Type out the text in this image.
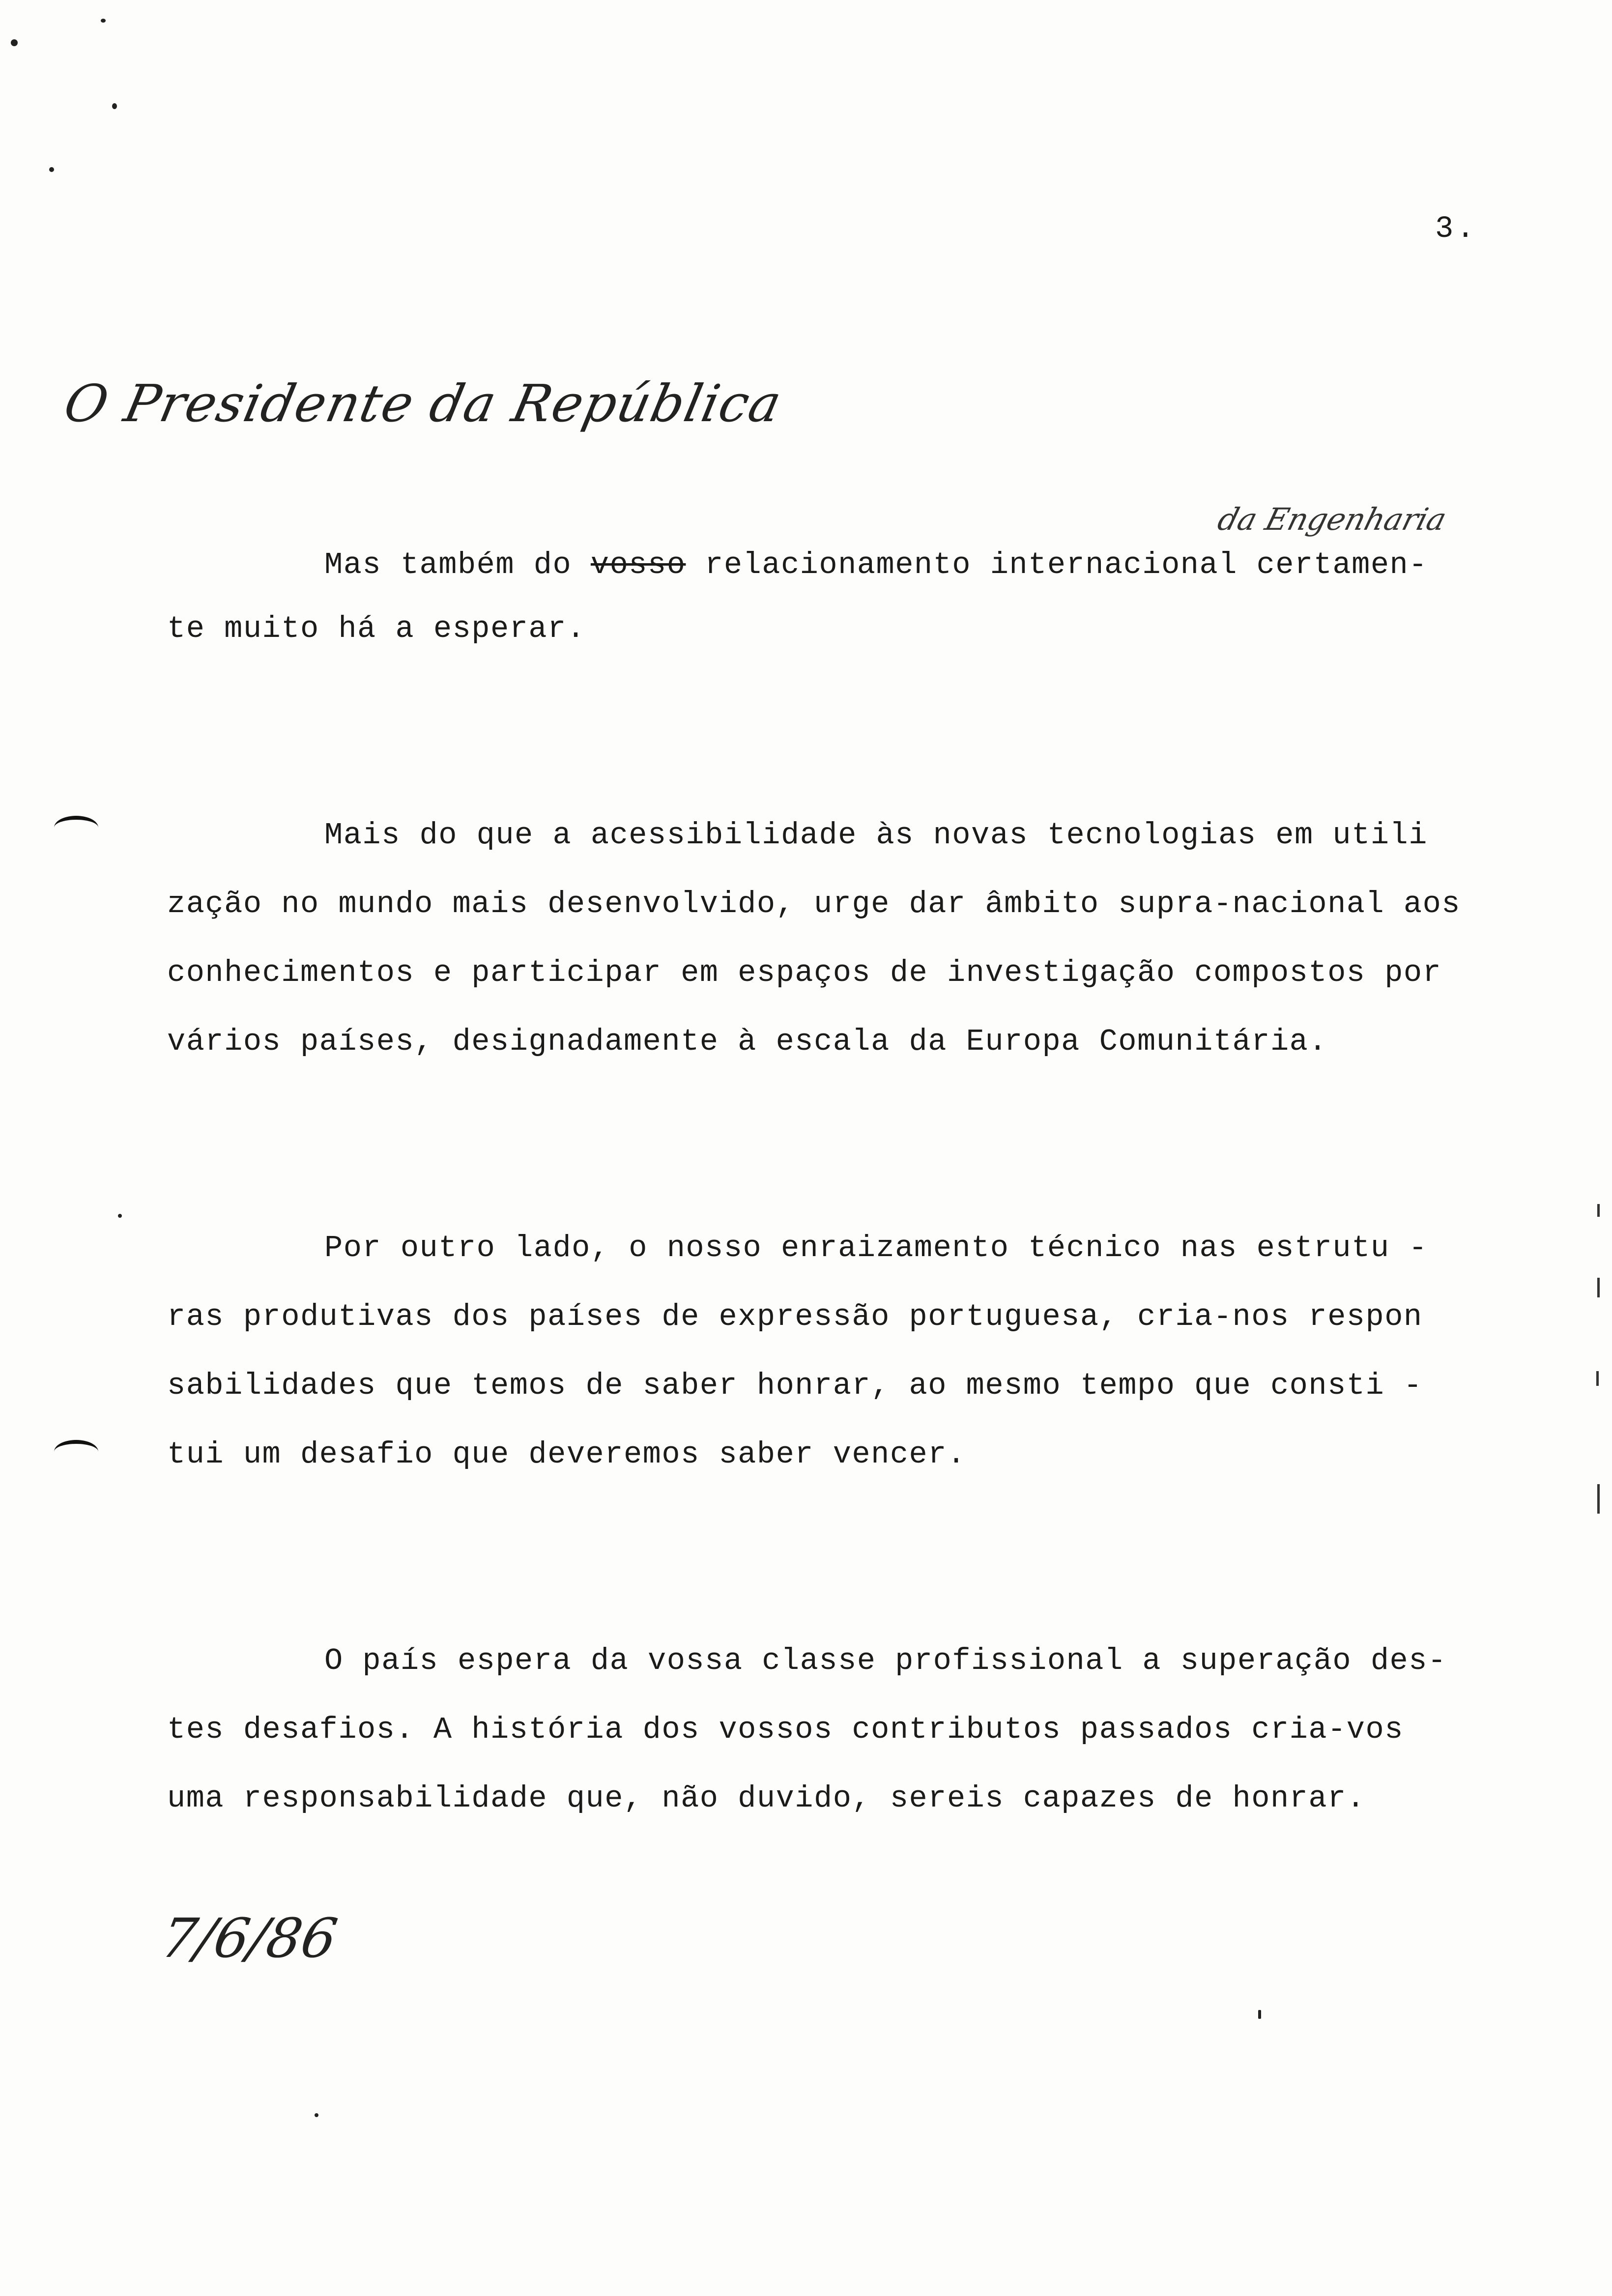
3.
O Presidente da República
da Engenharia
Mas também do vosso relacionamento internacional certamen-
te muito há a esperar.
Mais do que a acessibilidade às novas tecnologias em utili
zação no mundo mais desenvolvido, urge dar âmbito supra-nacional aos
conhecimentos e participar em espaços de investigação compostos por
vários países, designadamente à escala da Europa Comunitária.
Por outro lado, o nosso enraizamento técnico nas estrutu -
ras produtivas dos países de expressão portuguesa, cria-nos respon
sabilidades que temos de saber honrar, ao mesmo tempo que consti -
tui um desafio que deveremos saber vencer.
O país espera da vossa classe profissional a superação des-
tes desafios. A história dos vossos contributos passados cria-vos
uma responsabilidade que, não duvido, sereis capazes de honrar.
7/6/86
